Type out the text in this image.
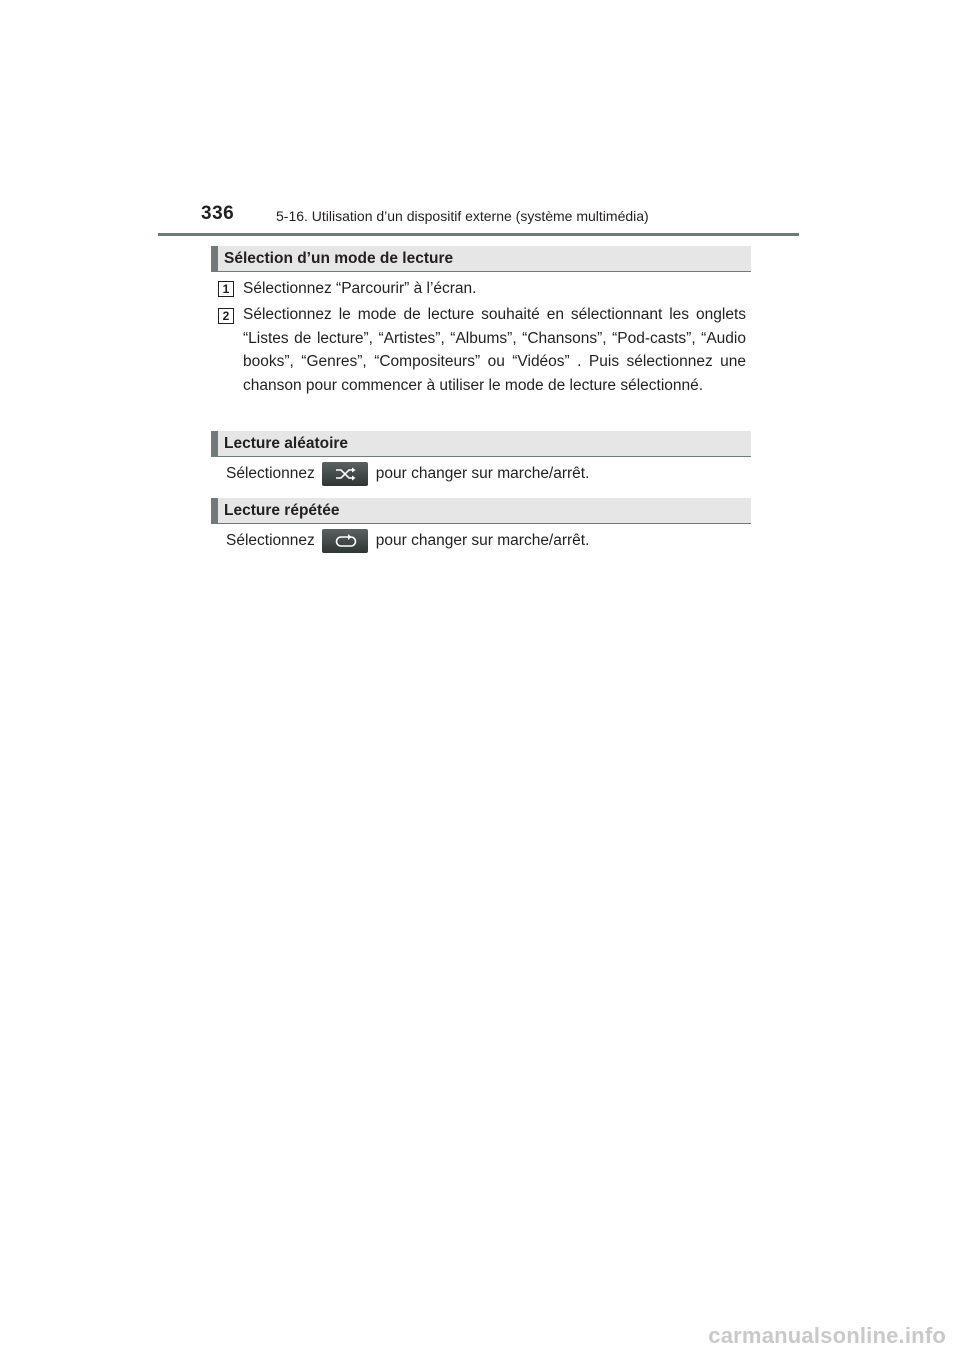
336	5-16. Utilisation d’un dispositif externe (système multimédia)
Sélection d’un mode de lecture
1 Sélectionnez “Parcourir” à l’écran.
2 Sélectionnez le mode de lecture souhaité en sélectionnant les onglets “Listes de lecture”, “Artistes”, “Albums”, “Chansons”, “Pod-casts”, “Audio books”, “Genres”, “Compositeurs” ou “Vidéos” . Puis sélectionnez une chanson pour commencer à utiliser le mode de lecture sélectionné.
Lecture aléatoire
Sélectionnez	pour changer sur marche/arrêt.
Lecture répétée
Sélectionnez	pour changer sur marche/arrêt.
carmanualsonline.info
